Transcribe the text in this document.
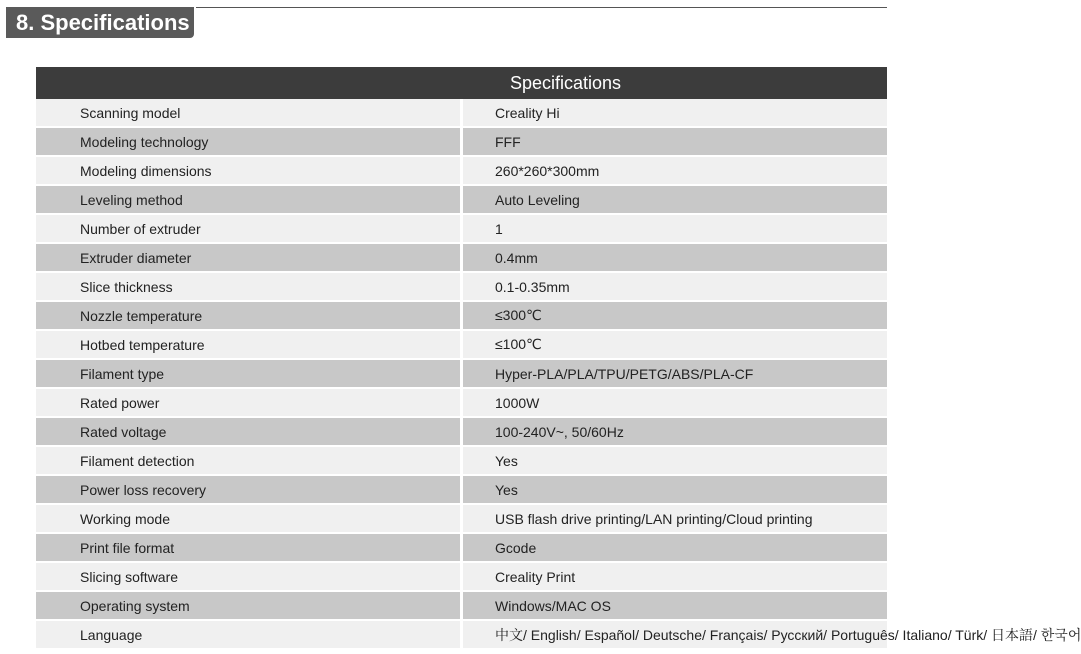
8. Specifications
Specifications	
Scanning model	Creality Hi
Modeling technology	FFF
Modeling dimensions	260*260*300mm
Leveling method	Auto Leveling
Number of extruder	1
Extruder diameter	0.4mm
Slice thickness	0.1-0.35mm
Nozzle temperature	≤300℃
Hotbed temperature	≤100℃
Filament type	Hyper-PLA/PLA/TPU/PETG/ABS/PLA-CF
Rated power	1000W
Rated voltage	100-240V~, 50/60Hz
Filament detection	Yes
Power loss recovery	Yes
Working mode	USB flash drive printing/LAN printing/Cloud printing
Print file format	Gcode
Slicing software	Creality Print
Operating system	Windows/MAC OS
Language	中文/ English/ Español/ Deutsche/ Français/ Pусский/ Português/ Italiano/ Türk/ 日本語/ 한국어
